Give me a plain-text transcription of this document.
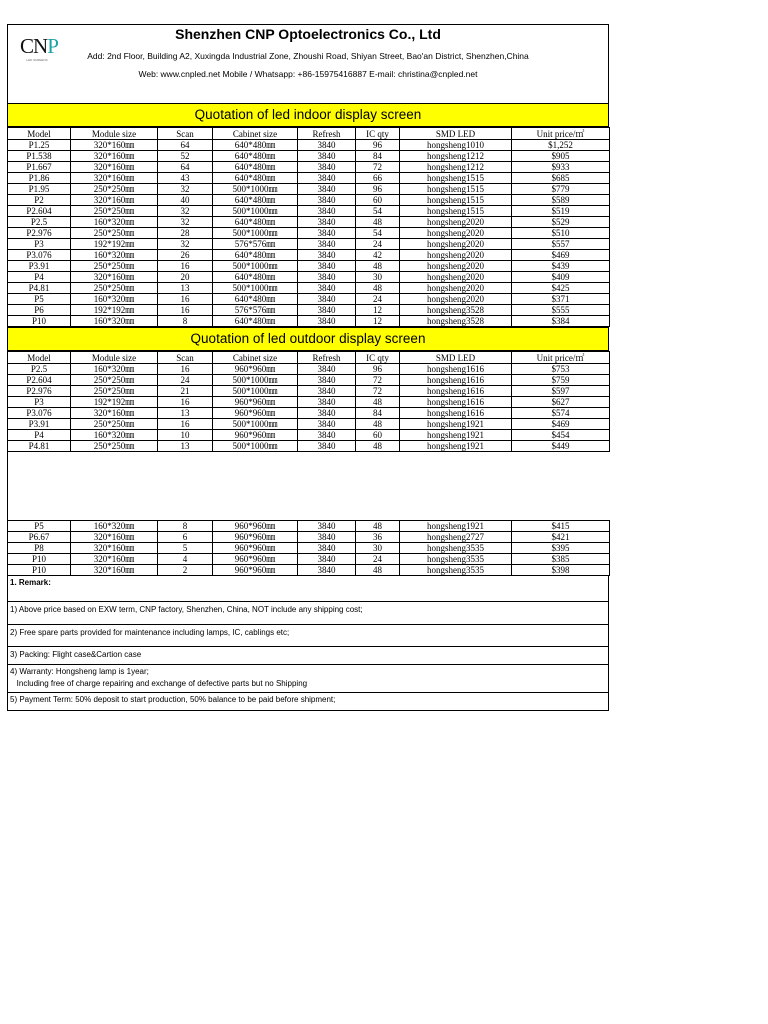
CNP
LED SCREENS
Shenzhen CNP Optoelectronics Co., Ltd
Add: 2nd Floor, Building A2, Xuxingda Industrial Zone, Zhoushi Road, Shiyan Street, Bao'an District, Shenzhen,China
Web: www.cnpled.net Mobile / Whatsapp: +86-15975416887 E-mail: christina@cnpled.net
Quotation of led indoor display screen
Model	Module size	Scan	Cabinet size	Refresh	IC qty	SMD LED	Unit price/㎡
P1.25	320*160㎜	64	640*480㎜	3840	96	hongsheng1010	$1,252
P1.538	320*160㎜	52	640*480㎜	3840	84	hongsheng1212	$905
P1.667	320*160㎜	64	640*480㎜	3840	72	hongsheng1212	$933
P1.86	320*160㎜	43	640*480㎜	3840	66	hongsheng1515	$685
P1.95	250*250㎜	32	500*1000㎜	3840	96	hongsheng1515	$779
P2	320*160㎜	40	640*480㎜	3840	60	hongsheng1515	$589
P2.604	250*250㎜	32	500*1000㎜	3840	54	hongsheng1515	$519
P2.5	160*320㎜	32	640*480㎜	3840	48	hongsheng2020	$529
P2.976	250*250㎜	28	500*1000㎜	3840	54	hongsheng2020	$510
P3	192*192㎜	32	576*576㎜	3840	24	hongsheng2020	$557
P3.076	160*320㎜	26	640*480㎜	3840	42	hongsheng2020	$469
P3.91	250*250㎜	16	500*1000㎜	3840	48	hongsheng2020	$439
P4	320*160㎜	20	640*480㎜	3840	30	hongsheng2020	$409
P4.81	250*250㎜	13	500*1000㎜	3840	48	hongsheng2020	$425
P5	160*320㎜	16	640*480㎜	3840	24	hongsheng2020	$371
P6	192*192㎜	16	576*576㎜	3840	12	hongsheng3528	$555
P10	160*320㎜	8	640*480㎜	3840	12	hongsheng3528	$384
Quotation of led outdoor display screen
Model	Module size	Scan	Cabinet size	Refresh	IC qty	SMD LED	Unit price/㎡
P2.5	160*320㎜	16	960*960㎜	3840	96	hongsheng1616	$753
P2.604	250*250㎜	24	500*1000㎜	3840	72	hongsheng1616	$759
P2.976	250*250㎜	21	500*1000㎜	3840	72	hongsheng1616	$597
P3	192*192㎜	16	960*960㎜	3840	48	hongsheng1616	$627
P3.076	320*160㎜	13	960*960㎜	3840	84	hongsheng1616	$574
P3.91	250*250㎜	16	500*1000㎜	3840	48	hongsheng1921	$469
P4	160*320㎜	10	960*960㎜	3840	60	hongsheng1921	$454
P4.81	250*250㎜	13	500*1000㎜	3840	48	hongsheng1921	$449
P5	160*320㎜	8	960*960㎜	3840	48	hongsheng1921	$415
P6.67	320*160㎜	6	960*960㎜	3840	36	hongsheng2727	$421
P8	320*160㎜	5	960*960㎜	3840	30	hongsheng3535	$395
P10	320*160㎜	4	960*960㎜	3840	24	hongsheng3535	$385
P10	320*160㎜	2	960*960㎜	3840	48	hongsheng3535	$398
1. Remark:
1) Above price based on EXW term, CNP factory, Shenzhen, China, NOT include any shipping cost;
2) Free spare parts provided for maintenance including lamps, IC, cablings etc;
3) Packing: Flight case&Cartion case
4) Warranty: Hongsheng lamp is 1year;
Including free of charge repairing and exchange of defective parts but no Shipping
5) Payment Term: 50% deposit to start production, 50% balance to be paid before shipment;
